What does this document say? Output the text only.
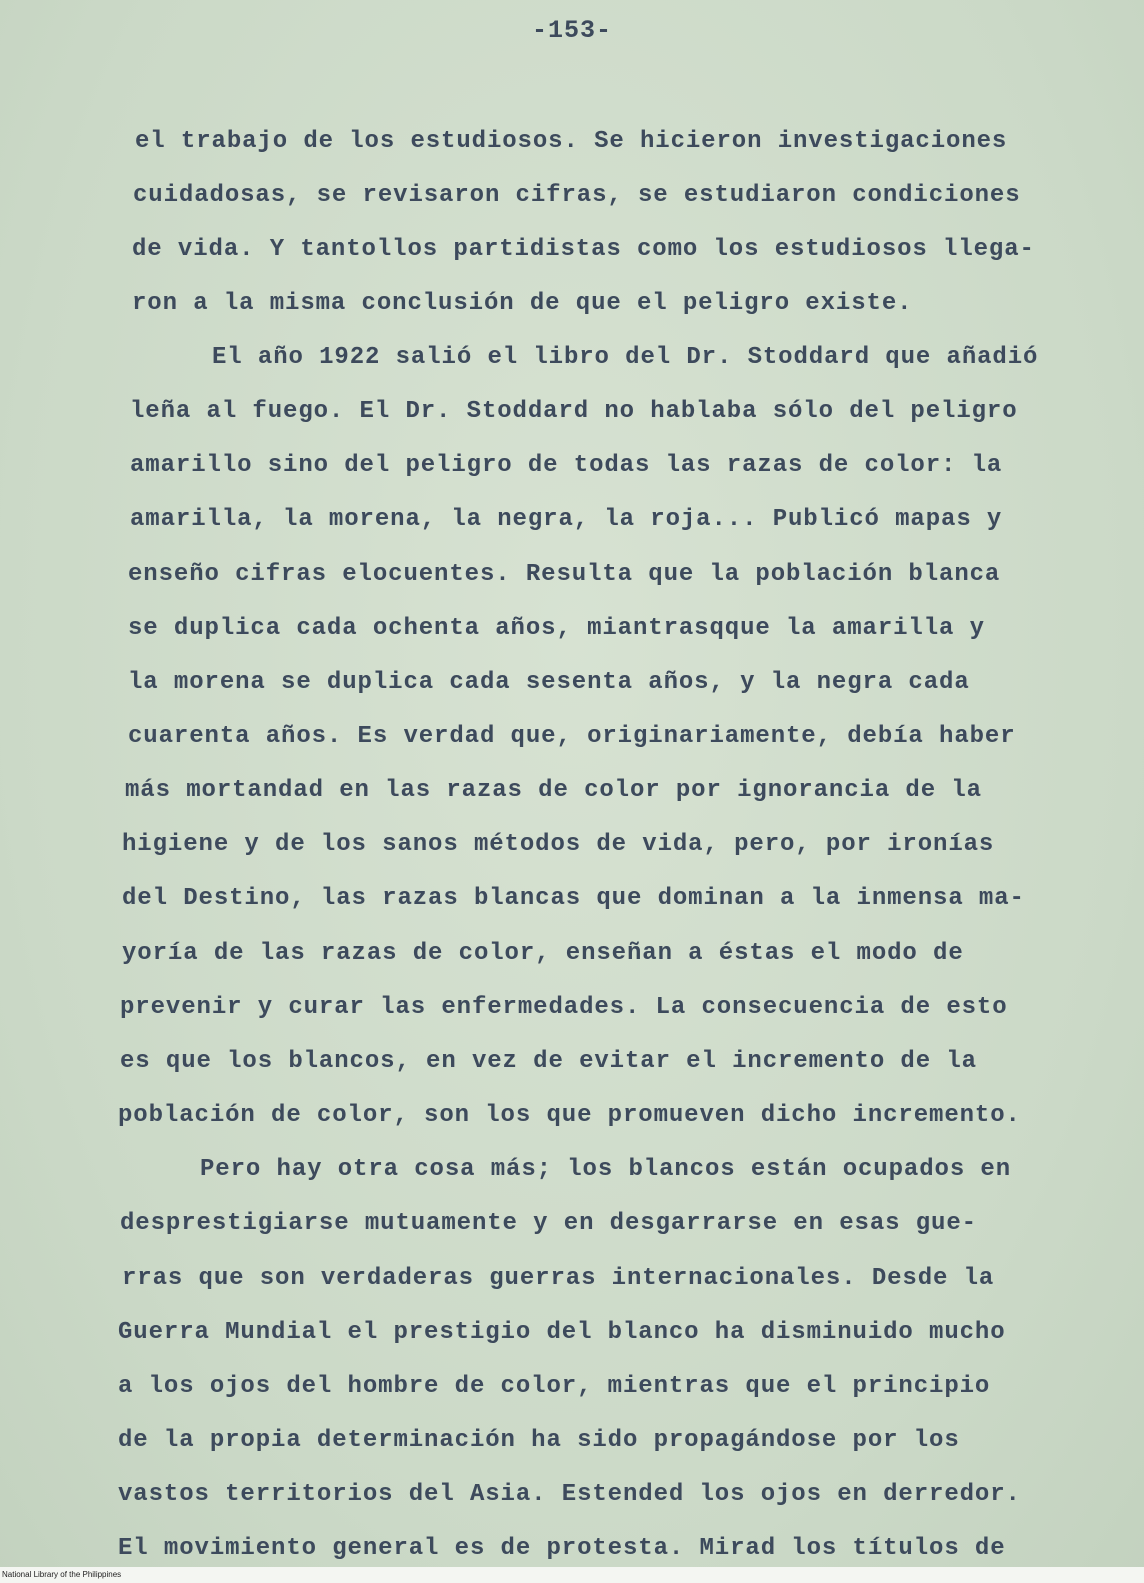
-153-
el trabajo de los estudiosos. Se hicieron investigaciones
cuidadosas, se revisaron cifras, se estudiaron condiciones
de vida. Y tantollos partidistas como los estudiosos llega-
ron a la misma conclusión de que el peligro existe.
El año 1922 salió el libro del Dr. Stoddard que añadió
leña al fuego. El Dr. Stoddard no hablaba sólo del peligro
amarillo sino del peligro de todas las razas de color: la
amarilla, la morena, la negra, la roja... Publicó mapas y
enseño cifras elocuentes. Resulta que la población blanca
se duplica cada ochenta años, miantrasqque la amarilla y
la morena se duplica cada sesenta años, y la negra cada
cuarenta años. Es verdad que, originariamente, debía haber
más mortandad en las razas de color por ignorancia de la
higiene y de los sanos métodos de vida, pero, por ironías
del Destino, las razas blancas que dominan a la inmensa ma-
yoría de las razas de color, enseñan a éstas el modo de
prevenir y curar las enfermedades. La consecuencia de esto
es que los blancos, en vez de evitar el incremento de la
población de color, son los que promueven dicho incremento.
Pero hay otra cosa más; los blancos están ocupados en
desprestigiarse mutuamente y en desgarrarse en esas gue-
rras que son verdaderas guerras internacionales. Desde la
Guerra Mundial el prestigio del blanco ha disminuido mucho
a los ojos del hombre de color, mientras que el principio
de la propia determinación ha sido propagándose por los
vastos territorios del Asia. Estended los ojos en derredor.
El movimiento general es de protesta. Mirad los títulos de
National Library of the Philippines
